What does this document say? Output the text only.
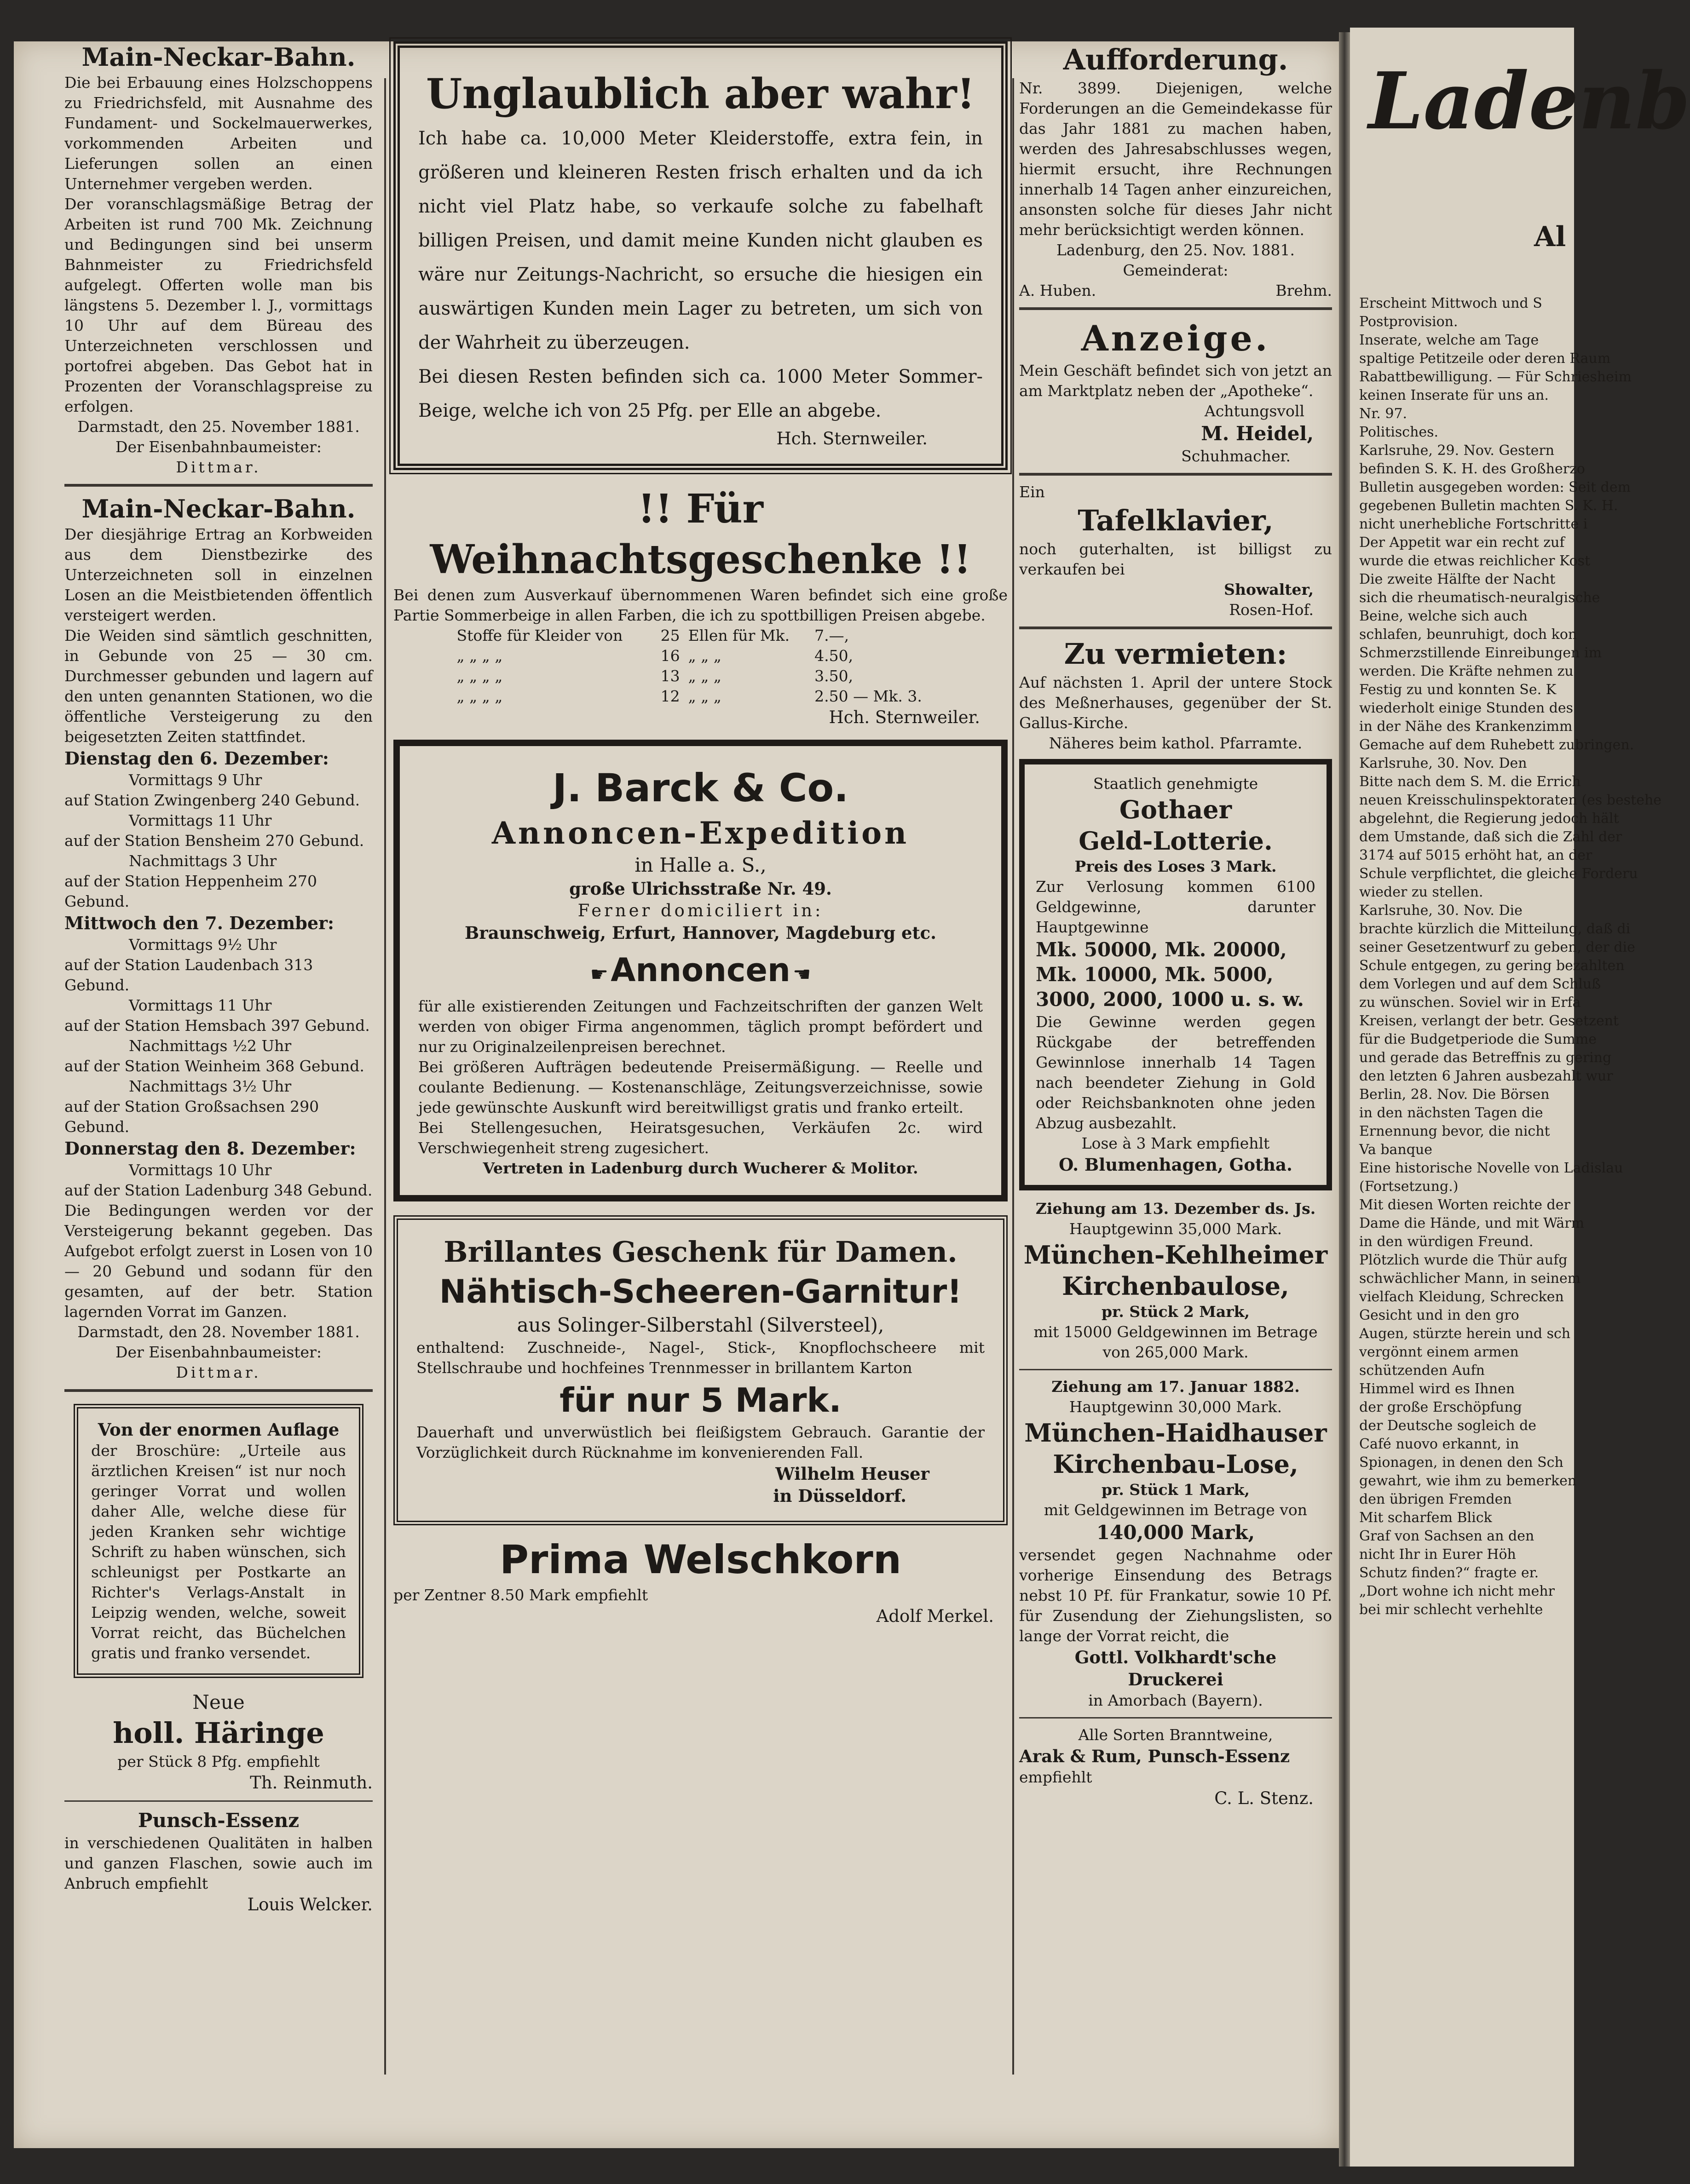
Main-Neckar-Bahn.

Die bei Erbauung eines Holzschoppens zu Friedrichsfeld, mit Ausnahme des Fundament- und Sockelmauerwerkes, vorkommenden Arbeiten und Lieferungen sollen an einen Unternehmer vergeben werden.

Der voranschlagsmäßige Betrag der Arbeiten ist rund 700 Mk. Zeichnung und Bedingungen sind bei unserm Bahnmeister zu Friedrichsfeld aufgelegt. Offerten wolle man bis längstens 5. Dezember l. J., vormittags 10 Uhr auf dem Büreau des Unterzeichneten verschlossen und portofrei abgeben. Das Gebot hat in Prozenten der Voranschlagspreise zu erfolgen.

Darmstadt, den 25. November 1881.

Der Eisenbahnbaumeister:

Dittmar.

Main-Neckar-Bahn.

Der diesjährige Ertrag an Korbweiden aus dem Dienstbezirke des Unterzeichneten soll in einzelnen Losen an die Meistbietenden öffentlich versteigert werden.

Die Weiden sind sämtlich geschnitten, in Gebunde von 25 — 30 cm. Durchmesser gebunden und lagern auf den unten genannten Stationen, wo die öffentliche Versteigerung zu den beigesetzten Zeiten stattfindet.

Dienstag den 6. Dezember:
Vormittags 9 Uhr
auf Station Zwingenberg 240 Gebund.
Vormittags 11 Uhr
auf der Station Bensheim 270 Gebund.
Nachmittags 3 Uhr
auf der Station Heppenheim 270 Gebund.
Mittwoch den 7. Dezember:
Vormittags 9½ Uhr
auf der Station Laudenbach 313 Gebund.
Vormittags 11 Uhr
auf der Station Hemsbach 397 Gebund.
Nachmittags ½2 Uhr
auf der Station Weinheim 368 Gebund.
Nachmittags 3½ Uhr
auf der Station Großsachsen 290 Gebund.
Donnerstag den 8. Dezember:
Vormittags 10 Uhr
auf der Station Ladenburg 348 Gebund.

Die Bedingungen werden vor der Versteigerung bekannt gegeben. Das Aufgebot erfolgt zuerst in Losen von 10 — 20 Gebund und sodann für den gesamten, auf der betr. Station lagernden Vorrat im Ganzen.

Darmstadt, den 28. November 1881.

Der Eisenbahnbaumeister:

Dittmar.

Von der enormen Auflage

der Broschüre: „Urteile aus ärztlichen Kreisen“ ist nur noch geringer Vorrat und wollen daher Alle, welche diese für jeden Kranken sehr wichtige Schrift zu haben wünschen, sich schleunigst per Postkarte an Richter's Verlags-Anstalt in Leipzig wenden, welche, soweit Vorrat reicht, das Büchelchen gratis und franko versendet.

Neue
holl. Häringe

per Stück 8 Pfg. empfiehlt

Th. Reinmuth.

Punsch-Essenz

in verschiedenen Qualitäten in halben und ganzen Flaschen, sowie auch im Anbruch empfiehlt

Louis Welcker.

Unglaublich aber wahr!

Ich habe ca. 10,000 Meter Kleiderstoffe, extra fein, in größeren und kleineren Resten frisch erhalten und da ich nicht viel Platz habe, so verkaufe solche zu fabelhaft billigen Preisen, und damit meine Kunden nicht glauben es wäre nur Zeitungs-Nachricht, so ersuche die hiesigen ein auswärtigen Kunden mein Lager zu betreten, um sich von der Wahrheit zu überzeugen.

Bei diesen Resten befinden sich ca. 1000 Meter Sommer-Beige, welche ich von 25 Pfg. per Elle an abgebe.

Hch. Sternweiler.

!! Für Weihnachtsgeschenke !!

Bei denen zum Ausverkauf übernommenen Waren befindet sich eine große Partie Sommerbeige in allen Farben, die ich zu spottbilligen Preisen abgebe.

Stoffe für Kleider von	25	Ellen für Mk.	7.—,
„ „ „ „	16	„ „ „	4.50,
„ „ „ „	13	„ „ „	3.50,
„ „ „ „	12	„ „ „	2.50 — Mk. 3.

Hch. Sternweiler.

J. Barck & Co.
Annoncen-Expedition
in Halle a. S.,
große Ulrichsstraße Nr. 49.
Ferner domiciliert in:
Braunschweig, Erfurt, Hannover, Magdeburg etc.
☛ Annoncen ☛

für alle existierenden Zeitungen und Fachzeitschriften der ganzen Welt werden von obiger Firma angenommen, täglich prompt befördert und nur zu Originalzeilenpreisen berechnet.

Bei größeren Aufträgen bedeutende Preisermäßigung. — Reelle und coulante Bedienung. — Kostenanschläge, Zeitungsverzeichnisse, sowie jede gewünschte Auskunft wird bereitwilligst gratis und franko erteilt.

Bei Stellengesuchen, Heiratsgesuchen, Verkäufen 2c. wird Verschwiegenheit streng zugesichert.

Vertreten in Ladenburg durch Wucherer & Molitor.

Brillantes Geschenk für Damen.
Nähtisch-Scheeren-Garnitur!
aus Solinger-Silberstahl (Silversteel),

enthaltend: Zuschneide-, Nagel-, Stick-, Knopflochscheere mit Stellschraube und hochfeines Trennmesser in brillantem Karton

für nur 5 Mark.

Dauerhaft und unverwüstlich bei fleißigstem Gebrauch. Garantie der Vorzüglichkeit durch Rücknahme im konvenierenden Fall.

Wilhelm Heuser

in Düsseldorf.

Prima Welschkorn

per Zentner 8.50 Mark empfiehlt

Adolf Merkel.

Aufforderung.

Nr. 3899. Diejenigen, welche Forderungen an die Gemeindekasse für das Jahr 1881 zu machen haben, werden des Jahresabschlusses wegen, hiermit ersucht, ihre Rechnungen innerhalb 14 Tagen anher einzureichen, ansonsten solche für dieses Jahr nicht mehr berücksichtigt werden können.

Ladenburg, den 25. Nov. 1881.

Gemeinderat:

A. Huben.	Brehm.

Anzeige.

Mein Geschäft befindet sich von jetzt an am Marktplatz neben der „Apotheke“.

Achtungsvoll

M. Heidel,

Schuhmacher.

Ein

Tafelklavier,

noch guterhalten, ist billigst zu verkaufen bei

Showalter,

Rosen-Hof.

Zu vermieten:

Auf nächsten 1. April der untere Stock des Meßnerhauses, gegenüber der St. Gallus-Kirche.

Näheres beim kathol. Pfarramte.

Staatlich genehmigte

Gothaer
Geld-Lotterie.

Preis des Loses 3 Mark.

Zur Verlosung kommen 6100 Geldgewinne, darunter Hauptgewinne

Mk. 50000, Mk. 20000,

Mk. 10000, Mk. 5000,

3000, 2000, 1000 u. s. w.

Die Gewinne werden gegen Rückgabe der betreffenden Gewinnlose innerhalb 14 Tagen nach beendeter Ziehung in Gold oder Reichsbanknoten ohne jeden Abzug ausbezahlt.

Lose à 3 Mark empfiehlt

O. Blumenhagen, Gotha.

Ziehung am 13. Dezember ds. Js.

Hauptgewinn 35,000 Mark.

München-Kehlheimer
Kirchenbaulose,

pr. Stück 2 Mark,

mit 15000 Geldgewinnen im Betrage von 265,000 Mark.

Ziehung am 17. Januar 1882.

Hauptgewinn 30,000 Mark.

München-Haidhauser
Kirchenbau-Lose,

pr. Stück 1 Mark,

mit Geldgewinnen im Betrage von

140,000 Mark,

versendet gegen Nachnahme oder vorherige Einsendung des Betrags nebst 10 Pf. für Frankatur, sowie 10 Pf. für Zusendung der Ziehungslisten, so lange der Vorrat reicht, die

Gottl. Volkhardt'sche

Druckerei

in Amorbach (Bayern).

Alle Sorten Branntweine,

Arak & Rum, Punsch-Essenz

empfiehlt

C. L. Stenz.

Ladenb
Al
Erscheint Mittwoch und S
Postprovision.
Inserate, welche am Tage
spaltige Petitzeile oder deren Raum
Rabattbewilligung. — Für Schriesheim
keinen Inserate für uns an.
Nr. 97.
Politisches.
Karlsruhe, 29. Nov. Gestern
befinden S. K. H. des Großherzo
Bulletin ausgegeben worden: Seit dem
gegebenen Bulletin machten S. K. H.
nicht unerhebliche Fortschritte i
Der Appetit war ein recht zuf
wurde die etwas reichlicher Kost
Die zweite Hälfte der Nacht
sich die rheumatisch-neuralgische
Beine, welche sich auch
schlafen, beunruhigt, doch kon
Schmerzstillende Einreibungen im
werden. Die Kräfte nehmen zu
Festig zu und konnten Se. K
wiederholt einige Stunden des
in der Nähe des Krankenzimm
Gemache auf dem Ruhebett zubringen.
Karlsruhe, 30. Nov. Den
Bitte nach dem S. M. die Errich
neuen Kreisschulinspektoraten (es bestehe
abgelehnt, die Regierung jedoch hält
dem Umstande, daß sich die Zahl der
3174 auf 5015 erhöht hat, an der
Schule verpflichtet, die gleiche Forderu
wieder zu stellen.
Karlsruhe, 30. Nov. Die
brachte kürzlich die Mitteilung, daß di
seiner Gesetzentwurf zu geben, der die
Schule entgegen, zu gering bezahlten
dem Vorlegen und auf dem Schluß
zu wünschen. Soviel wir in Erfa
Kreisen, verlangt der betr. Gesetzent
für die Budgetperiode die Summe
und gerade das Betreffnis zu gering
den letzten 6 Jahren ausbezahlt wur
Berlin, 28. Nov. Die Börsen
in den nächsten Tagen die
Ernennung bevor, die nicht
Va banque
Eine historische Novelle von Ladislau
(Fortsetzung.)
Mit diesen Worten reichte der
Dame die Hände, und mit Wärm
in den würdigen Freund.
Plötzlich wurde die Thür aufg
schwächlicher Mann, in seinem
vielfach Kleidung, Schrecken
Gesicht und in den gro
Augen, stürzte herein und sch
vergönnt einem armen
schützenden Aufn
Himmel wird es Ihnen
der große Erschöpfung
der Deutsche sogleich de
Café nuovo erkannt, in
Spionagen, in denen den Sch
gewahrt, wie ihm zu bemerken
den übrigen Fremden
Mit scharfem Blick
Graf von Sachsen an den
nicht Ihr in Eurer Höh
Schutz finden?“ fragte er.
„Dort wohne ich nicht mehr
bei mir schlecht verhehlte
